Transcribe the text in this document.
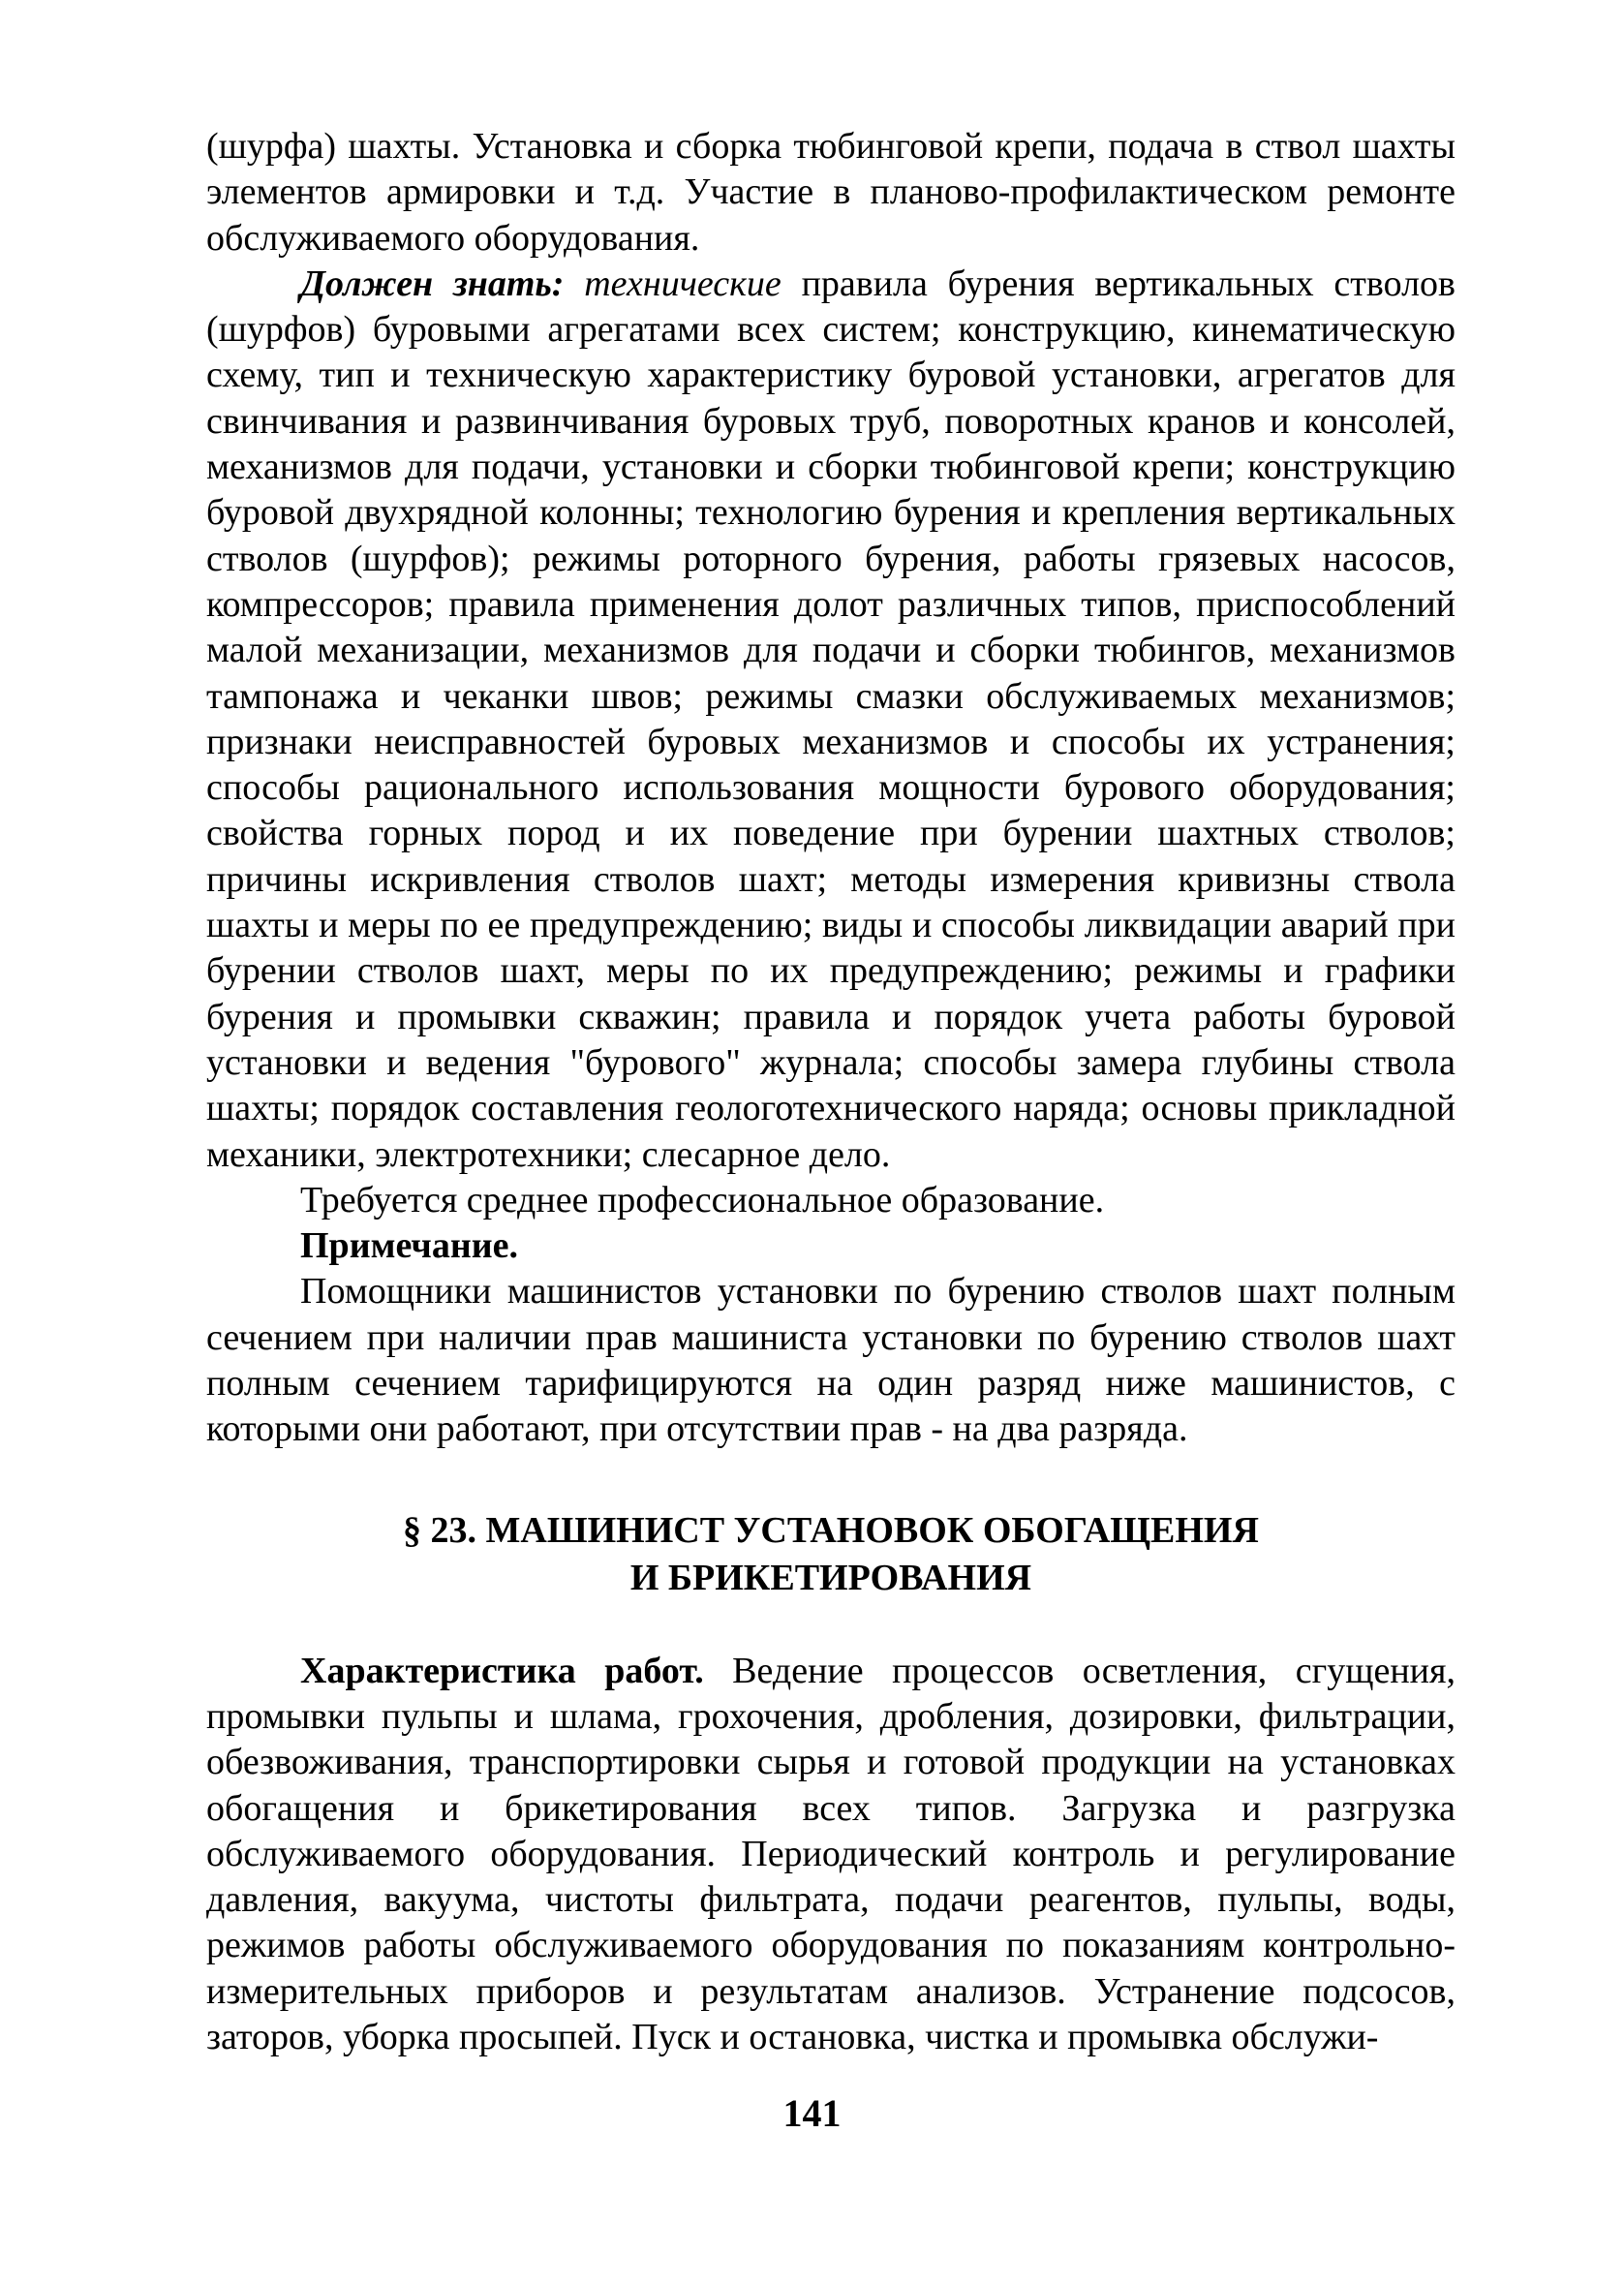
(шурфа) шахты. Установка и сборка тюбинговой крепи, подача в ствол шахты элементов армировки и т.д. Участие в планово-профилактическом ремонте обслуживаемого оборудования.

Должен знать: технические правила бурения вертикальных стволов (шурфов) буровыми агрегатами всех систем; конструкцию, кинематическую схему, тип и техническую характеристику буровой установки, агрегатов для свинчивания и развинчивания буровых труб, поворотных кранов и консолей, механизмов для подачи, установки и сборки тюбинговой крепи; конструкцию буровой двухрядной колонны; технологию бурения и крепления вертикальных стволов (шурфов); режимы роторного бурения, работы грязевых насосов, компрессоров; правила применения долот различных типов, приспособлений малой механизации, механизмов для подачи и сборки тюбингов, механизмов тампонажа и чеканки швов; режимы смазки обслуживаемых механизмов; признаки неисправностей буровых механизмов и способы их устранения; способы рационального использования мощности бурового оборудования; свойства горных пород и их поведение при бурении шахтных стволов; причины искривления стволов шахт; методы измерения кривизны ствола шахты и меры по ее предупреждению; виды и способы ликвидации аварий при бурении стволов шахт, меры по их предупреждению; режимы и графики бурения и промывки скважин; правила и порядок учета работы буровой установки и ведения "бурового" журнала; способы замера глубины ствола шахты; порядок составления геологотехнического наряда; основы прикладной механики, электротехники; слесарное дело.

Требуется среднее профессиональное образование.

Примечание.

Помощники машинистов установки по бурению стволов шахт полным сечением при наличии прав машиниста установки по бурению стволов шахт полным сечением тарифицируются на один разряд ниже машинистов, с которыми они работают, при отсутствии прав - на два разряда.

§ 23. МАШИНИСТ УСТАНОВОК ОБОГАЩЕНИЯ
И БРИКЕТИРОВАНИЯ

Характеристика работ. Ведение процессов осветления, сгущения, промывки пульпы и шлама, грохочения, дробления, дозировки, фильтрации, обезвоживания, транспортировки сырья и готовой продукции на установках обогащения и брикетирования всех типов. Загрузка и разгрузка обслуживаемого оборудования. Периодический контроль и регулирование давления, вакуума, чистоты фильтрата, подачи реагентов, пульпы, воды, режимов работы обслуживаемого оборудования по показаниям контрольно-измерительных приборов и результатам анализов. Устранение подсосов, заторов, уборка просыпей. Пуск и остановка, чистка и промывка обслужи-

141
